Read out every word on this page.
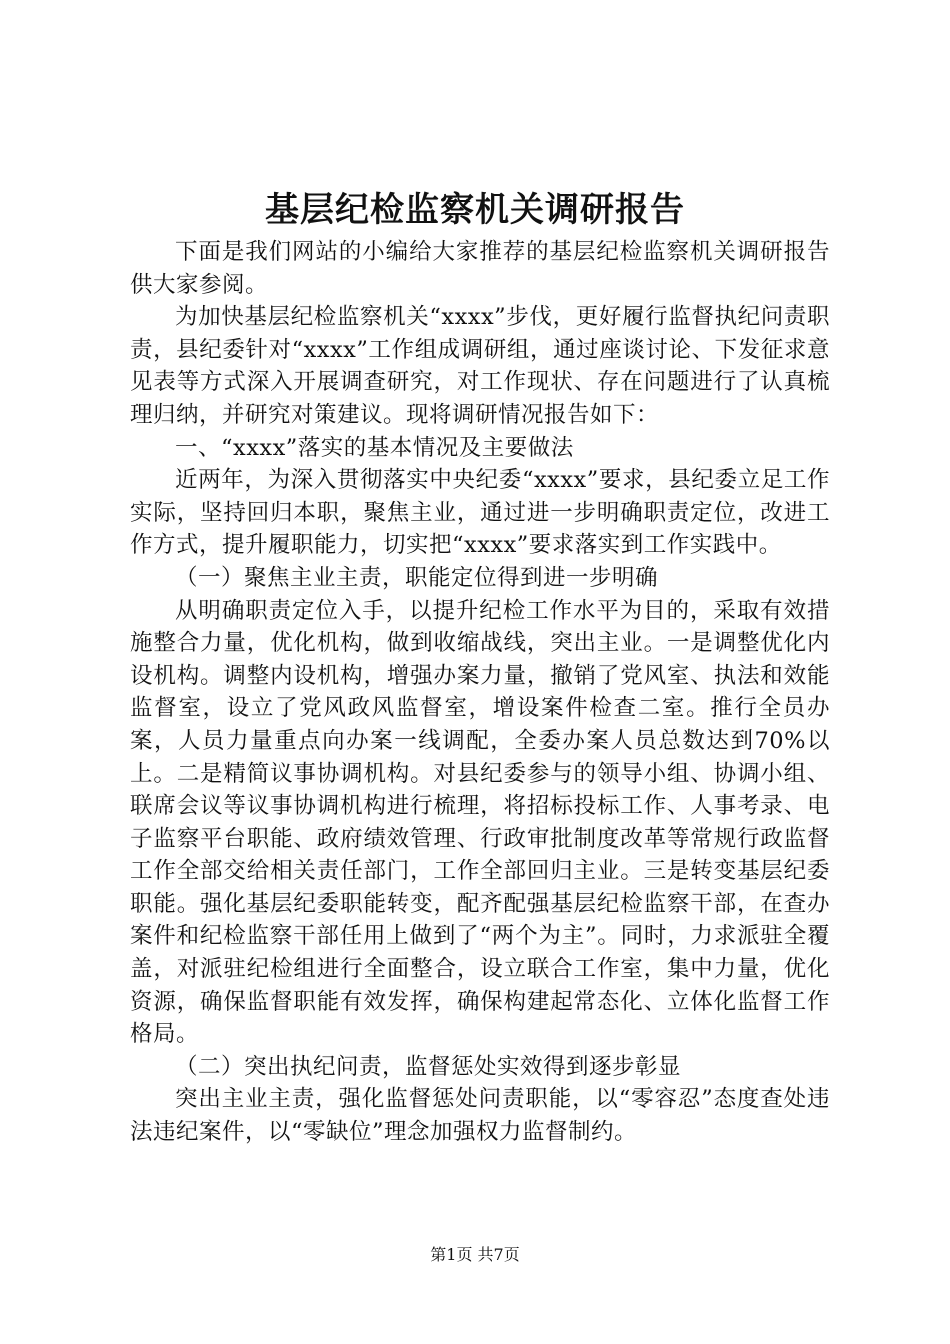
基层纪检监察机关调研报告

下面是我们网站的小编给大家推荐的基层纪检监察机关调研报告供大家参阅。

为加快基层纪检监察机关“xxxx”步伐，更好履行监督执纪问责职责，县纪委针对“xxxx”工作组成调研组，通过座谈讨论、下发征求意见表等方式深入开展调查研究，对工作现状、存在问题进行了认真梳理归纳，并研究对策建议。现将调研情况报告如下：

一、“xxxx”落实的基本情况及主要做法

近两年，为深入贯彻落实中央纪委“xxxx”要求，县纪委立足工作实际，坚持回归本职，聚焦主业，通过进一步明确职责定位，改进工作方式，提升履职能力，切实把“xxxx”要求落实到工作实践中。

（一）聚焦主业主责，职能定位得到进一步明确

从明确职责定位入手，以提升纪检工作水平为目的，采取有效措施整合力量，优化机构，做到收缩战线，突出主业。一是调整优化内设机构。调整内设机构，增强办案力量，撤销了党风室、执法和效能监督室，设立了党风政风监督室，增设案件检查二室。推行全员办案，人员力量重点向办案一线调配，全委办案人员总数达到70%以上。二是精简议事协调机构。对县纪委参与的领导小组、协调小组、联席会议等议事协调机构进行梳理，将招标投标工作、人事考录、电子监察平台职能、政府绩效管理、行政审批制度改革等常规行政监督工作全部交给相关责任部门，工作全部回归主业。三是转变基层纪委职能。强化基层纪委职能转变，配齐配强基层纪检监察干部，在查办案件和纪检监察干部任用上做到了“两个为主”。同时，力求派驻全覆盖，对派驻纪检组进行全面整合，设立联合工作室，集中力量，优化资源，确保监督职能有效发挥，确保构建起常态化、立体化监督工作格局。

（二）突出执纪问责，监督惩处实效得到逐步彰显

突出主业主责，强化监督惩处问责职能，以“零容忍”态度查处违法违纪案件，以“零缺位”理念加强权力监督制约。

第1页 共7页
